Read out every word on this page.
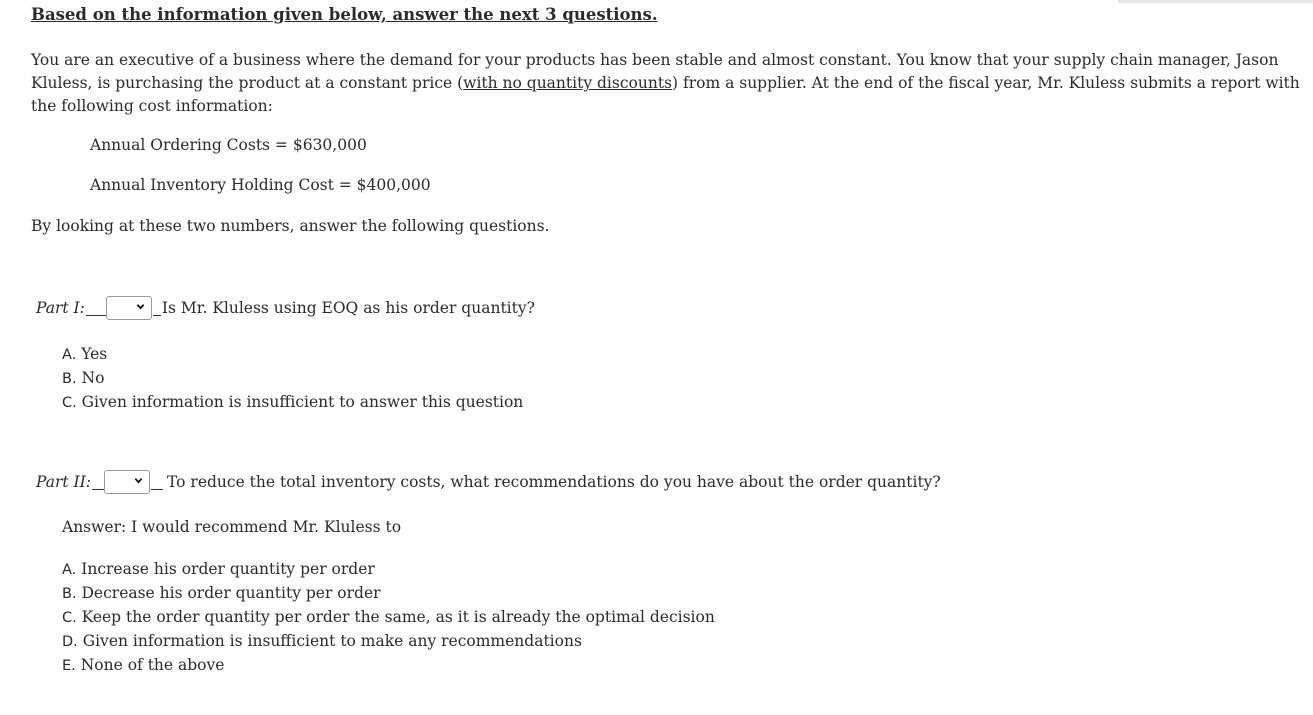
Based on the information given below, answer the next 3 questions.
You are an executive of a business where the demand for your products has been stable and almost constant. You know that your supply chain manager, Jason Kluless, is purchasing the product at a constant price (with no quantity discounts) from a supplier. At the end of the fiscal year, Mr. Kluless submits a report with the following cost information:
Annual Ordering Costs = $630,000
Annual Inventory Holding Cost = $400,000
By looking at these two numbers, answer the following questions.
Part I:	Is Mr. Kluless using EOQ as his order quantity?
A. Yes
B. No
C. Given information is insufficient to answer this question
Part II:	To reduce the total inventory costs, what recommendations do you have about the order quantity?
Answer: I would recommend Mr. Kluless to
A. Increase his order quantity per order
B. Decrease his order quantity per order
C. Keep the order quantity per order the same, as it is already the optimal decision
D. Given information is insufficient to make any recommendations
E. None of the above
